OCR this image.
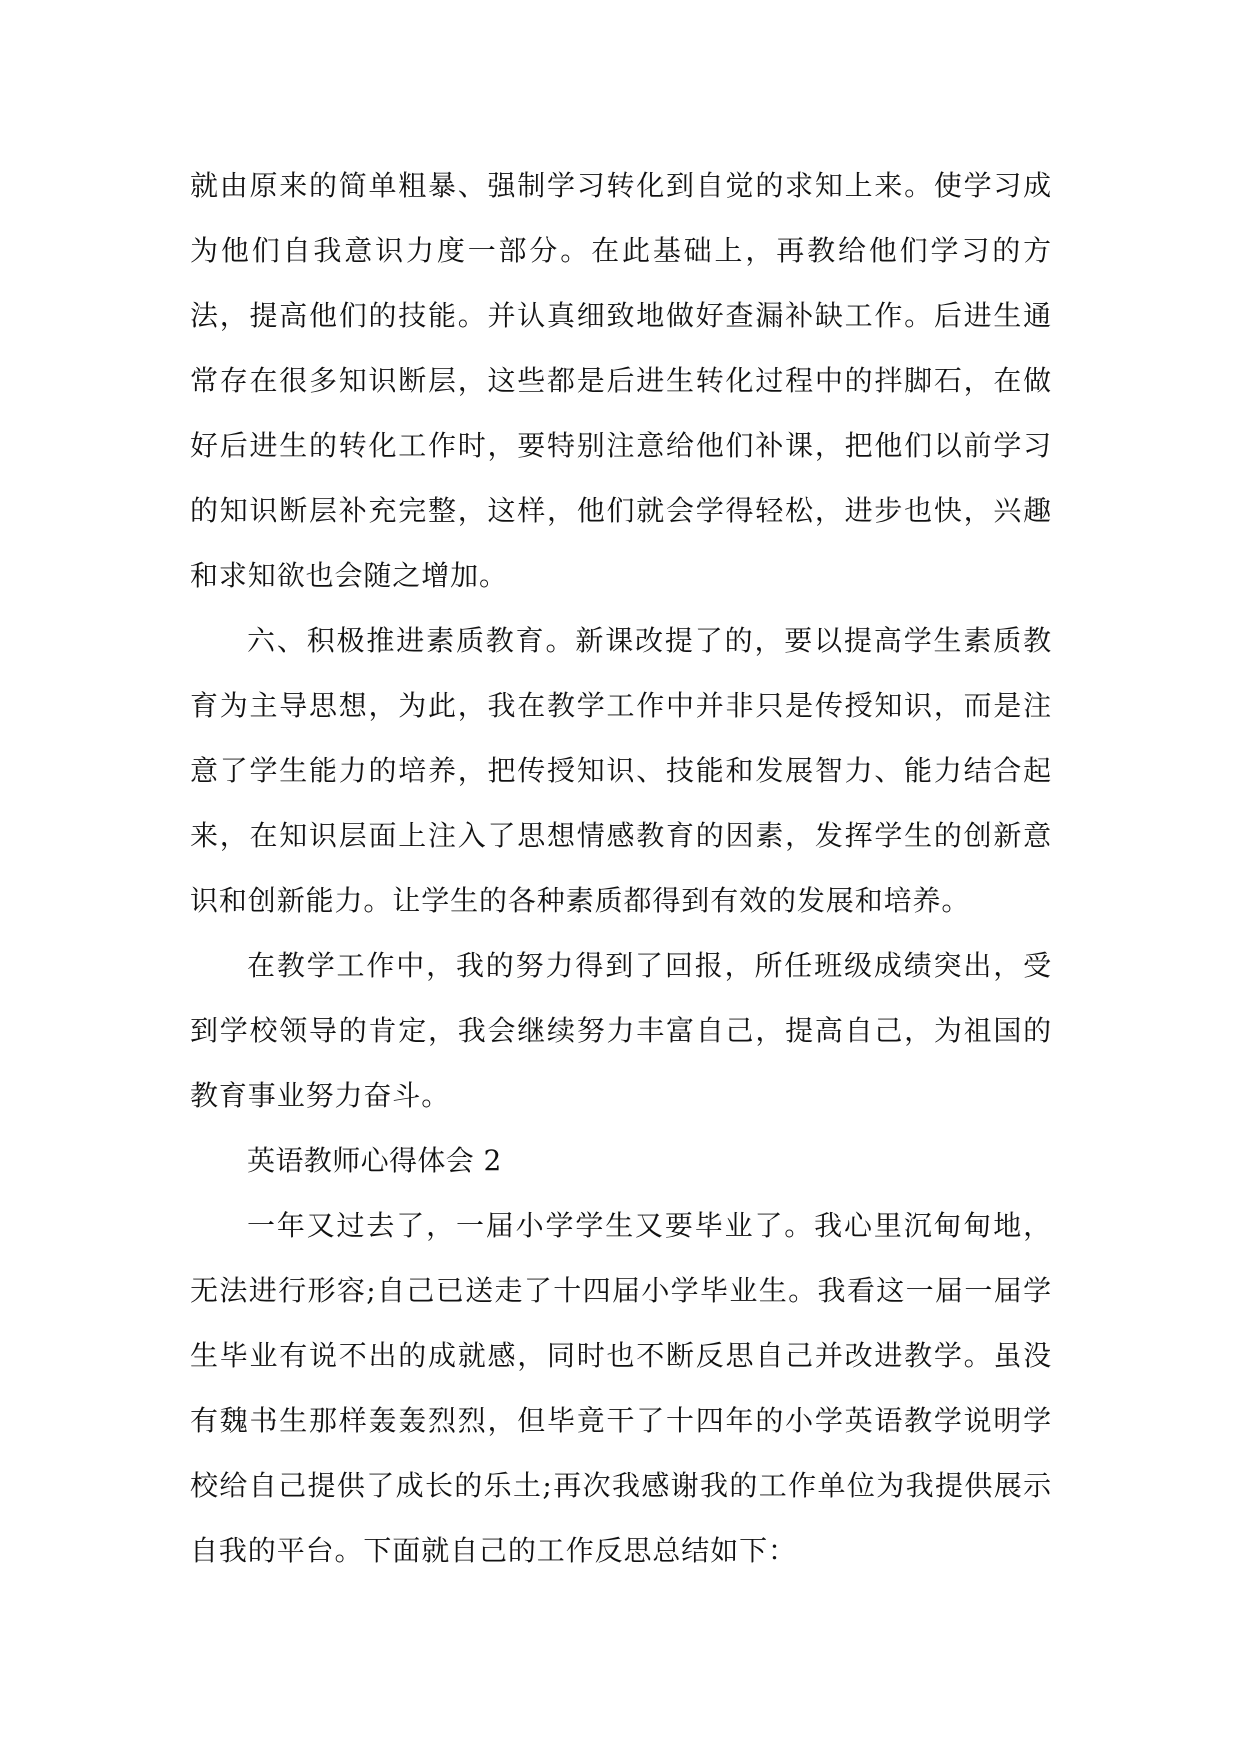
就由原来的简单粗暴、强制学习转化到自觉的求知上来。使学习成为他们自我意识力度一部分。在此基础上，再教给他们学习的方法，提高他们的技能。并认真细致地做好查漏补缺工作。后进生通常存在很多知识断层，这些都是后进生转化过程中的拌脚石，在做好后进生的转化工作时，要特别注意给他们补课，把他们以前学习的知识断层补充完整，这样，他们就会学得轻松，进步也快，兴趣和求知欲也会随之增加。

六、积极推进素质教育。新课改提了的，要以提高学生素质教育为主导思想，为此，我在教学工作中并非只是传授知识，而是注意了学生能力的培养，把传授知识、技能和发展智力、能力结合起来，在知识层面上注入了思想情感教育的因素，发挥学生的创新意识和创新能力。让学生的各种素质都得到有效的发展和培养。

在教学工作中，我的努力得到了回报，所任班级成绩突出，受到学校领导的肯定，我会继续努力丰富自己，提高自己，为祖国的教育事业努力奋斗。

英语教师心得体会 2

一年又过去了，一届小学学生又要毕业了。我心里沉甸甸地，无法进行形容;自己已送走了十四届小学毕业生。我看这一届一届学生毕业有说不出的成就感，同时也不断反思自己并改进教学。虽没有魏书生那样轰轰烈烈，但毕竟干了十四年的小学英语教学说明学校给自己提供了成长的乐土;再次我感谢我的工作单位为我提供展示自我的平台。下面就自己的工作反思总结如下：
